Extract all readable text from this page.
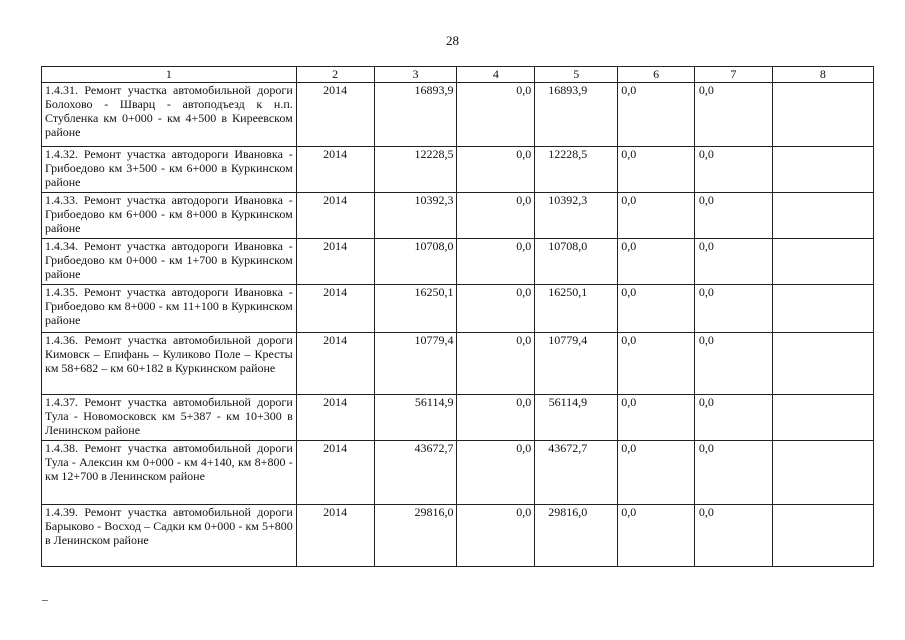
28
1	2	3	4	5	6	7	8
1.4.31. Ремонт участка автомобильной дороги Болохово - Шварц - автоподъезд к н.п. Стубленка км 0+000 - км 4+500 в Киреевском районе	2014	16893,9	0,0	16893,9	0,0	0,0	
1.4.32. Ремонт участка автодороги Ивановка - Грибоедово км 3+500 - км 6+000 в Куркинском районе	2014	12228,5	0,0	12228,5	0,0	0,0	
1.4.33. Ремонт участка автодороги Ивановка - Грибоедово км 6+000 - км 8+000 в Куркинском районе	2014	10392,3	0,0	10392,3	0,0	0,0	
1.4.34. Ремонт участка автодороги Ивановка - Грибоедово км 0+000 - км 1+700 в Куркинском районе	2014	10708,0	0,0	10708,0	0,0	0,0	
1.4.35. Ремонт участка автодороги Ивановка - Грибоедово км 8+000 - км 11+100 в Куркинском районе	2014	16250,1	0,0	16250,1	0,0	0,0	
1.4.36. Ремонт участка автомобильной дороги Кимовск – Епифань – Куликово Поле – Кресты км 58+682 – км 60+182 в Куркинском районе	2014	10779,4	0,0	10779,4	0,0	0,0	
1.4.37. Ремонт участка автомобильной дороги Тула - Новомосковск км 5+387 - км 10+300 в Ленинском районе	2014	56114,9	0,0	56114,9	0,0	0,0	
1.4.38. Ремонт участка автомобильной дороги Тула - Алексин км 0+000 - км 4+140, км 8+800 - км 12+700 в Ленинском районе	2014	43672,7	0,0	43672,7	0,0	0,0	
1.4.39. Ремонт участка автомобильной дороги Барыково - Восход – Садки км 0+000 - км 5+800 в Ленинском районе	2014	29816,0	0,0	29816,0	0,0	0,0	
–
